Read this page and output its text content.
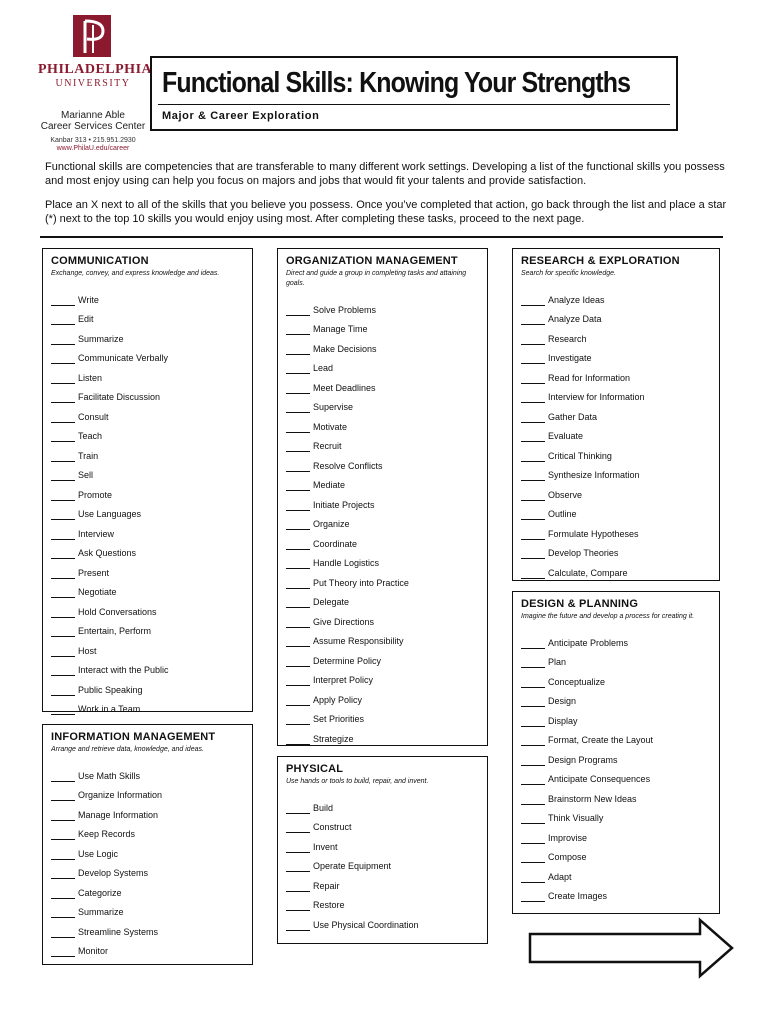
PHILADELPHIA
UNIVERSITY
Marianne Able
Career Services Center
Kanbar 313 • 215.951.2930
www.PhilaU.edu/career
Functional Skills: Knowing Your Strengths
Major & Career Exploration

Functional skills are competencies that are transferable to many different work settings. Developing a list of the functional skills you possess and most enjoy using can help you focus on majors and jobs that would fit your talents and provide satisfaction.

Place an X next to all of the skills that you believe you possess. Once you’ve completed that action, go back through the list and place a star (*) next to the top 10 skills you would enjoy using most. After completing these tasks, proceed to the next page.

COMMUNICATION

Exchange, convey, and express knowledge and ideas.

Write
Edit
Summarize
Communicate Verbally
Listen
Facilitate Discussion
Consult
Teach
Train
Sell
Promote
Use Languages
Interview
Ask Questions
Present
Negotiate
Hold Conversations
Entertain, Perform
Host
Interact with the Public
Public Speaking
Work in a Team
INFORMATION MANAGEMENT

Arrange and retrieve data, knowledge, and ideas.

Use Math Skills
Organize Information
Manage Information
Keep Records
Use Logic
Develop Systems
Categorize
Summarize
Streamline Systems
Monitor
ORGANIZATION MANAGEMENT

Direct and guide a group in completing tasks and attaining goals.

Solve Problems
Manage Time
Make Decisions
Lead
Meet Deadlines
Supervise
Motivate
Recruit
Resolve Conflicts
Mediate
Initiate Projects
Organize
Coordinate
Handle Logistics
Put Theory into Practice
Delegate
Give Directions
Assume Responsibility
Determine Policy
Interpret Policy
Apply Policy
Set Priorities
Strategize
PHYSICAL

Use hands or tools to build, repair, and invent.

Build
Construct
Invent
Operate Equipment
Repair
Restore
Use Physical Coordination
RESEARCH & EXPLORATION

Search for specific knowledge.

Analyze Ideas
Analyze Data
Research
Investigate
Read for Information
Interview for Information
Gather Data
Evaluate
Critical Thinking
Synthesize Information
Observe
Outline
Formulate Hypotheses
Develop Theories
Calculate, Compare
DESIGN & PLANNING

Imagine the future and develop a process for creating it.

Anticipate Problems
Plan
Conceptualize
Design
Display
Format, Create the Layout
Design Programs
Anticipate Consequences
Brainstorm New Ideas
Think Visually
Improvise
Compose
Adapt
Create Images
